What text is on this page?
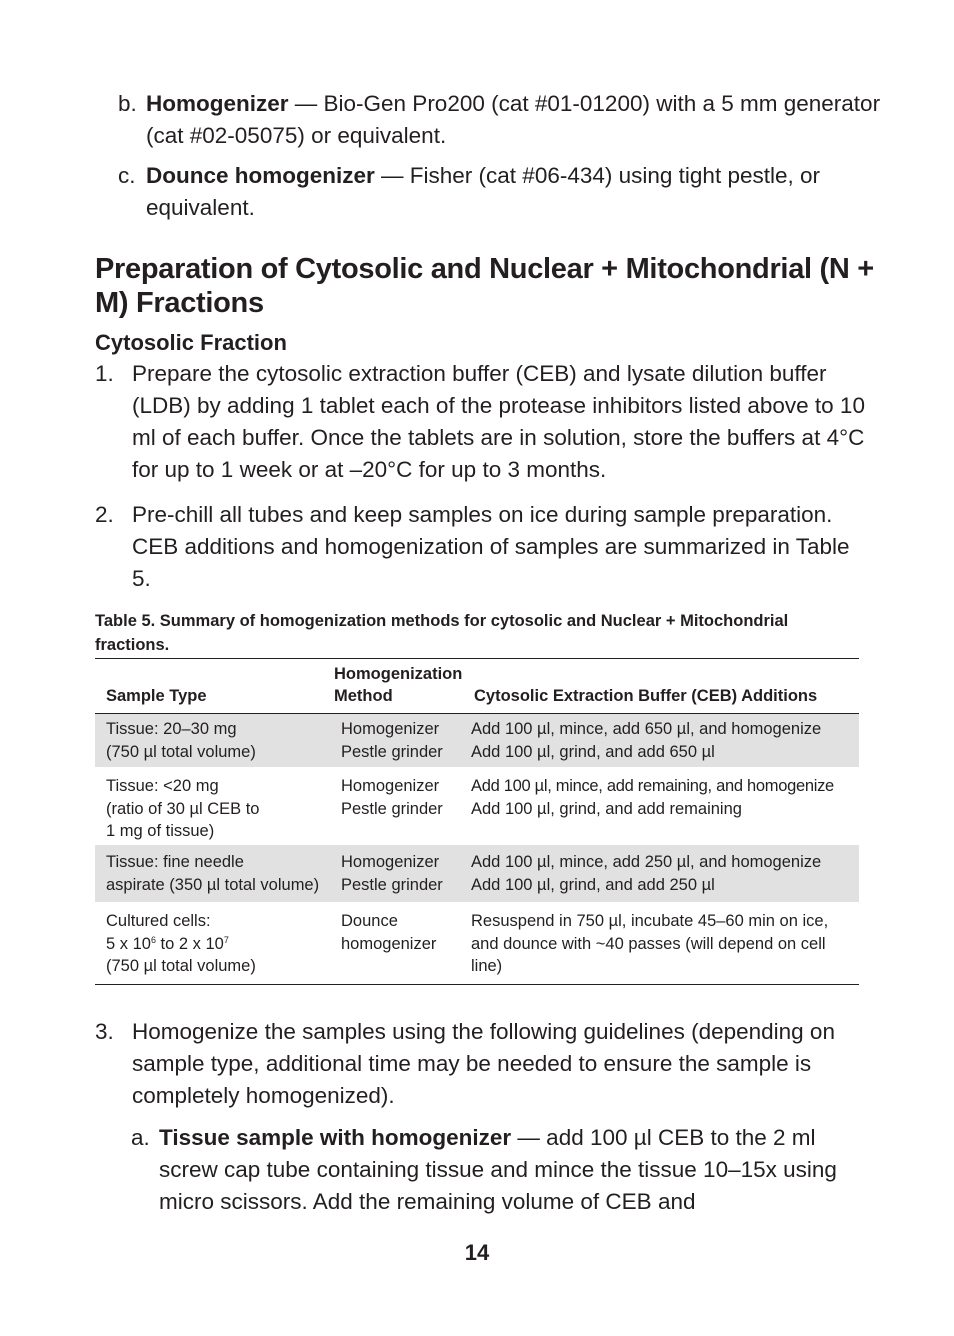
b. Homogenizer — Bio-Gen Pro200 (cat #01-01200) with a 5 mm generator (cat #02-05075) or equivalent.
c. Dounce homogenizer — Fisher (cat #06-434) using tight pestle, or equivalent.
Preparation of Cytosolic and Nuclear + Mitochondrial (N + M) Fractions
Cytosolic Fraction
1. Prepare the cytosolic extraction buffer (CEB) and lysate dilution buffer (LDB) by adding 1 tablet each of the protease inhibitors listed above to 10 ml of each buffer. Once the tablets are in solution, store the buffers at 4°C for up to 1 week or at –20°C for up to 3 months.
2. Pre-chill all tubes and keep samples on ice during sample preparation. CEB additions and homogenization of samples are summarized in Table 5.
Table 5. Summary of homogenization methods for cytosolic and Nuclear + Mitochondrial fractions.
Sample Type
Homogenization Method	Cytosolic Extraction Buffer (CEB) Additions
Tissue: 20–30 mg
(750 µl total volume)
Homogenizer
Pestle grinder
Add 100 µl, mince, add 650 µl, and homogenize
Add 100 µl, grind, and add 650 µl
Tissue: <20 mg
(ratio of 30 µl CEB to
1 mg of tissue)
Homogenizer
Pestle grinder
Add 100 µl, mince, add remaining, and homogenize
Add 100 µl, grind, and add remaining
Tissue: fine needle
aspirate (350 µl total volume)
Homogenizer
Pestle grinder
Add 100 µl, mince, add 250 µl, and homogenize
Add 100 µl, grind, and add 250 µl
Cultured cells:
5 x $10^6$ to 2 x $10^7$
(750 µl total volume)
Dounce
homogenizer
Resuspend in 750 µl, incubate 45–60 min on ice, and dounce with ~40 passes (will depend on cell line)
3. Homogenize the samples using the following guidelines (depending on sample type, additional time may be needed to ensure the sample is completely homogenized).
a. Tissue sample with homogenizer — add 100 µl CEB to the 2 ml screw cap tube containing tissue and mince the tissue 10–15x using micro scissors. Add the remaining volume of CEB and
14
